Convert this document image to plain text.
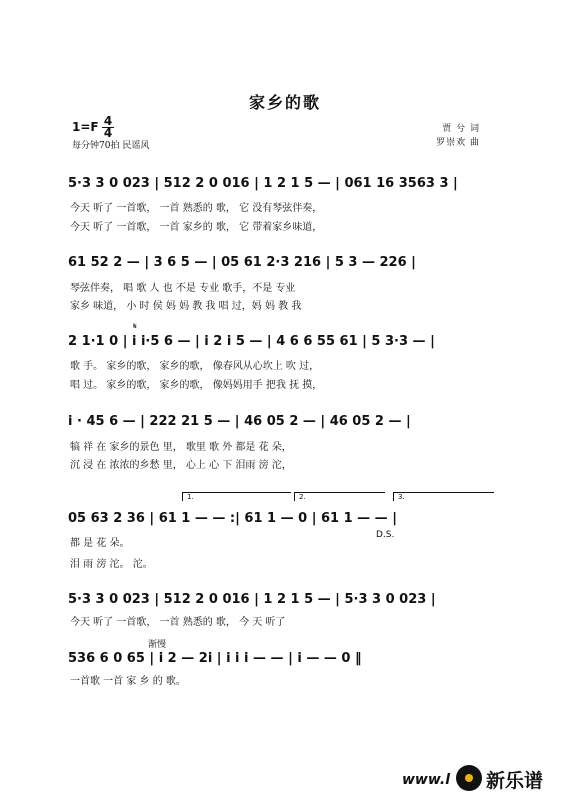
家乡的歌
1=F 4
4
每分钟70拍 民谣风
贾 兮 词
罗崇欢 曲
5·3 3 0 023 | 512 2 0 016 | 1 2 1 5 — | 061 16 3563 3 |
今天 听了 一首歌， 一首 熟悉的 歌， 它 没有琴弦伴奏，
今天 听了 一首歌， 一首 家乡的 歌， 它 带着家乡味道，
61 52 2 — | 3 6 5 — | 05 61 2·3 216 | 5 3 — 226 |
琴弦伴奏， 唱 歌 人 也 不是 专业 歌手，不是 专业
家乡 味道， 小 时 侯 妈 妈 教 我 唱 过，妈 妈 教 我
𝄋
2 1·1 0 | i i·5 6 — | i 2 i 5 — | 4 6 6 55 61 | 5 3·3 — |
歌 手。 家乡的歌， 家乡的歌， 像春风从心坎上 吹 过，
唱 过。 家乡的歌， 家乡的歌， 像妈妈用手 把我 抚 摸，
i · 45 6 — | 222 21 5 — | 46 05 2 — | 46 05 2 — |
犒 祥 在 家乡的景色 里， 歌里 歌 外 都是 花 朵，
沉 浸 在 浓浓的乡愁 里， 心上 心 下 泪雨 滂 沱，
1.	2.	3.
05 63 2 36 | 61 1 — — :| 61 1 — 0 | 61 1 — — |
D.S.
都 是 花 朵。
泪 雨 滂 沱。 沱。
5·3 3 0 023 | 512 2 0 016 | 1 2 1 5 — | 5·3 3 0 023 |
今天 听了 一首歌， 一首 熟悉的 歌， 今 天 听了
渐慢
536 6 0 65 | i 2 — 2i | i i i — — | i — — 0 ‖
一首歌 一首 家 乡 的 歌。
www.l 新乐谱
